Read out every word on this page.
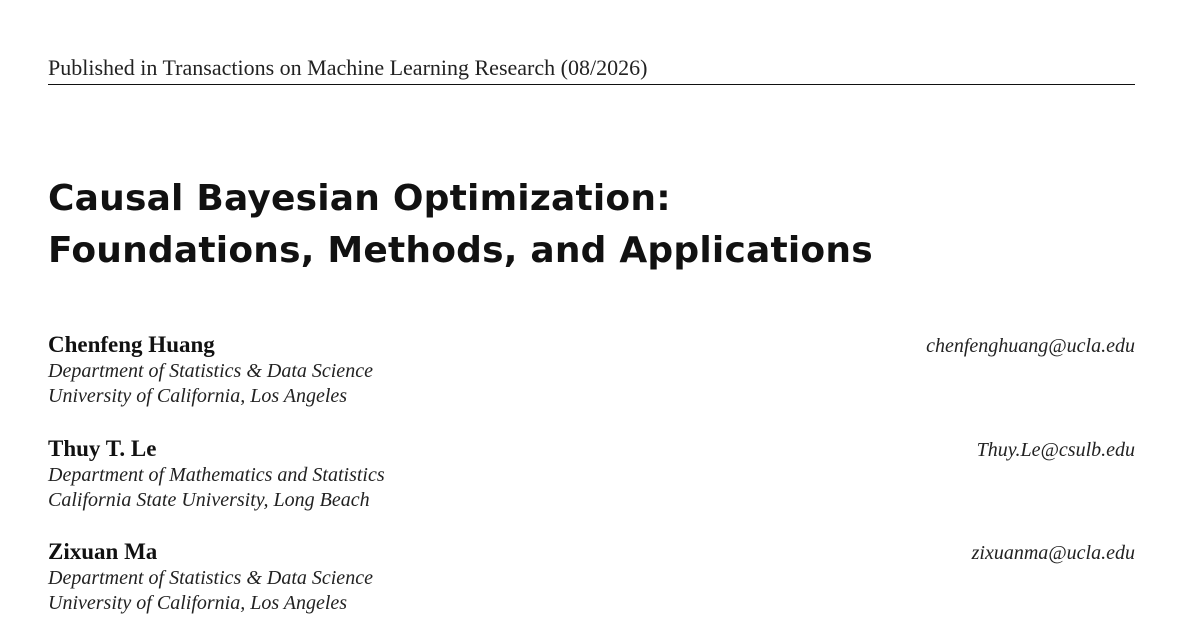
Published in Transactions on Machine Learning Research (08/2026)
Causal Bayesian Optimization:
Foundations, Methods, and Applications
Chenfeng Huang	chenfenghuang@ucla.edu
Department of Statistics & Data Science
University of California, Los Angeles
Thuy T. Le	Thuy.Le@csulb.edu
Department of Mathematics and Statistics
California State University, Long Beach
Zixuan Ma	zixuanma@ucla.edu
Department of Statistics & Data Science
University of California, Los Angeles
